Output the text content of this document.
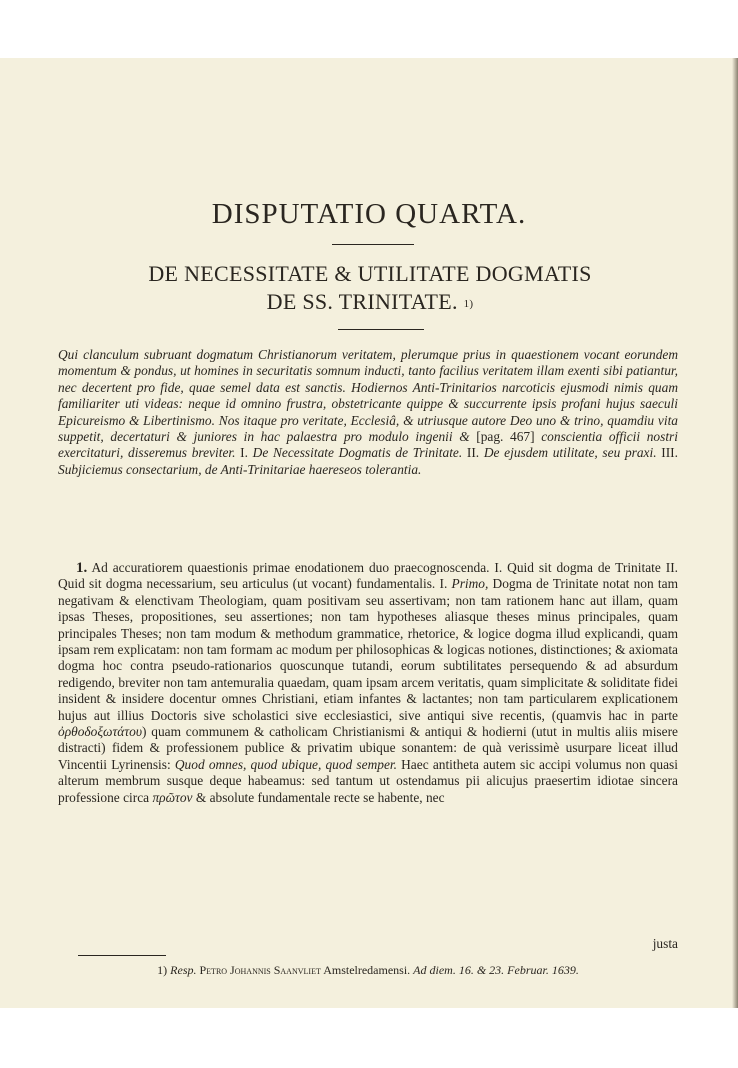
DISPUTATIO QUARTA.
DE NECESSITATE & UTILITATE DOGMATIS
DE SS. TRINITATE. $^{1)}$

Qui clanculum subruant dogmatum Christianorum veritatem, plerumque prius in quaestionem vocant eorundem momentum & pondus, ut homines in securitatis somnum inducti, tanto facilius veritatem illam exenti sibi patiantur, nec decertent pro fide, quae semel data est sanctis. Hodiernos Anti-Trinitarios narcoticis ejusmodi nimis quam familiariter uti videas: neque id omnino frustra, obstetricante quippe & succurrente ipsis profani hujus saeculi Epicureismo & Libertinismo. Nos itaque pro veritate, Ecclesiâ, & utriusque autore Deo uno & trino, quamdiu vita suppetit, decertaturi & juniores in hac palaestra pro modulo ingenii & [pag. 467] conscientia officii nostri exercitaturi, disseremus breviter. I. De Necessitate Dogmatis de Trinitate. II. De ejusdem utilitate, seu praxi. III. Subjiciemus consectarium, de Anti-Trinitariae haereseos tolerantia.

1. Ad accuratiorem quaestionis primae enodationem duo praecognoscenda. I. Quid sit dogma de Trinitate II. Quid sit dogma necessarium, seu articulus (ut vocant) fundamentalis. I. Primo, Dogma de Trinitate notat non tam negativam & elenctivam Theologiam, quam positivam seu assertivam; non tam rationem hanc aut illam, quam ipsas Theses, propositiones, seu assertiones; non tam hypotheses aliasque theses minus principales, quam principales Theses; non tam modum & methodum grammatice, rhetorice, & logice dogma illud explicandi, quam ipsam rem explicatam: non tam formam ac modum per philosophicas & logicas notiones, distinctiones; & axiomata dogma hoc contra pseudo-rationarios quoscunque tutandi, eorum subtilitates persequendo & ad absurdum redigendo, breviter non tam antemuralia quaedam, quam ipsam arcem veritatis, quam simplicitate & soliditate fidei insident & insidere docentur omnes Christiani, etiam infantes & lactantes; non tam particularem explicationem hujus aut illius Doctoris sive scholastici sive ecclesiastici, sive antiqui sive recentis, (quamvis hac in parte ὀρθοδοξωτάτου) quam communem & catholicam Christianismi & antiqui & hodierni (utut in multis aliis misere distracti) fidem & professionem publice & privatim ubique sonantem: de quà verissimè usurpare liceat illud Vincentii Lyrinensis: Quod omnes, quod ubique, quod semper. Haec antitheta autem sic accipi volumus non quasi alterum membrum susque deque habeamus: sed tantum ut ostendamus pii alicujus praesertim idiotae sincera professione circa πρῶτον & absolute fundamentale recte se habente, nec

justa

1) Resp. Petro Johannis Saanvliet Amstelredamensi. Ad diem. 16. & 23. Februar. 1639.
